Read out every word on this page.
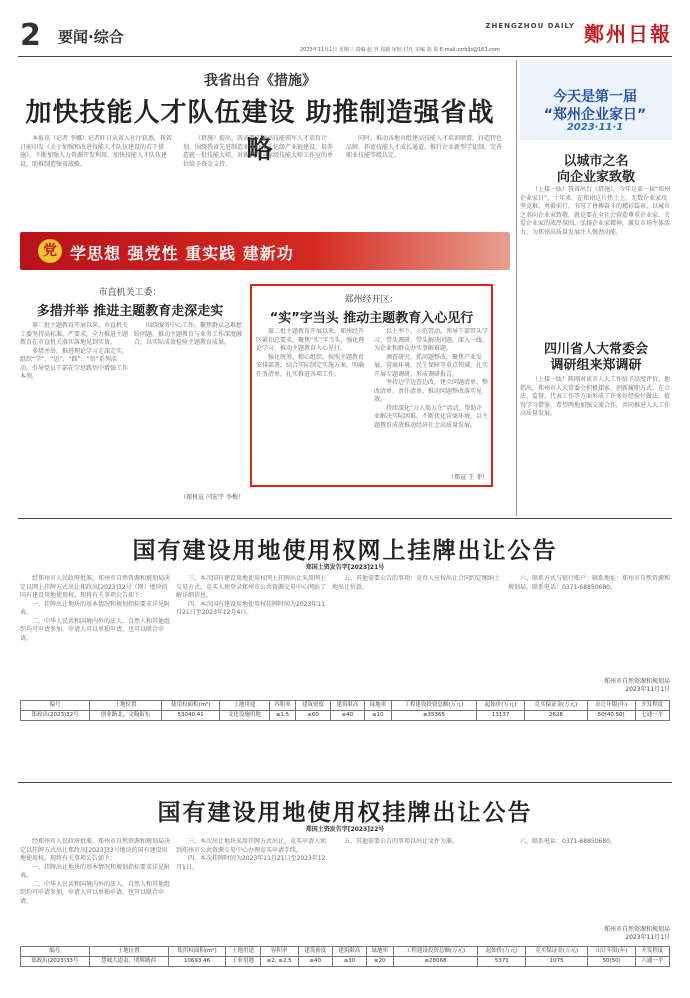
2 要闻·综合
ZHENGZHOU DAILY 鄭州日報
2023年11月1日 星期三 责编 赵 容 周毅 审校 付凡 美编 胡 盈 E-mail:zzrbljs@163.com
我省出台《措施》
加快技能人才队伍建设 助推制造强省战略

本报讯（记者 李娜）记者昨日从省人社厅获悉，我省日前印发《关于加强和改进技能人才队伍建设的若干措施》，不断加强人力资源开发利用，加快技能人才队伍建设，助推制造强省战略。

《措施》提出，我省要实施高技能领军人才培育计划，围绕我省先进制造业集群和千亿级产业链建设，培养造就一批技能大师，对新获评国家级技能大师工作室的单位给予资金支持。

同时，推动各地市组建高技能人才培训联盟，打造特色品牌，拓宽技能人才成长通道，推行企业新型学徒制，完善职业技能等级认定。

今天是第一届
“郑州企业家日”
2023·11·1
以城市之名
向企业家致敬

（上接一版）我省出台《措施》，今年是第一届“郑州企业家日”。十年来，在郑州这片热土上，无数企业家攻坚克难、勇毅前行，书写了拼搏奋斗的精彩篇章。以城市之名向企业家致敬，就是要在全社会营造尊重企业家、关爱企业家的浓厚氛围，弘扬企业家精神，激发市场主体活力，为郑州高质量发展注入强劲动能。

四川省人大常委会
调研组来郑调研

（上接一版）陈刚对该市人大工作给予高度评价，他指出，郑州市人大常委会积极探索，创新履职方式，在立法、监督、代表工作等方面形成了许多好经验好做法，值得学习借鉴。希望两地加强交流合作，共同推进人大工作高质量发展。

党 学思想 强党性 重实践 建新功
市直机关工委：
多措并举 推进主题教育走深走实

第二批主题教育开展以来，市直机关工委坚持高标准、严要求，全力推进主题教育在市直机关落实落地见到实效。

多措并举，推进理论学习走深走实，组织“学”、“思”、“践”、“悟”系列活动，引导党员干部在学思践悟中增强工作本领。

围绕服务中心工作，聚焦群众急难愁盼问题，推动主题教育与业务工作深度融合，以实际成效检验主题教育成果。

（郑机宣 闫宏宇 李梅）
郑州经开区：
“实”字当头 推动主题教育入心见行

第二批主题教育开展以来，郑州经开区紧扣总要求，聚焦“实”字当头，强化理论学习，推动主题教育入心见行。

强化统筹，精心组织。按照主题教育安排部署，结合实际制定实施方案，明确任务清单，扎实推进各项工作。

以上率下，示范带动。领导干部带头学习、带头调研、带头解决问题，深入一线，为企业和群众办实事解难题。

调查研究、抓问题整改，聚焦产业发展、营商环境、民生保障等重点领域，扎实开展专题调研，形成调研报告。

坚持边学边查边改，建立问题清单、整改清单、责任清单，推动问题整改落实见效。

持续深化“万人助万企”活动，帮助企业解决实际困难，不断优化营商环境，以主题教育成效推动经济社会高质量发展。

（郑宣 王 菲）
国有建设用地使用权网上挂牌出让公告
郑国土资发告字[2023]21号

经郑州市人民政府批准，郑州市自然资源和规划局决定以网上挂牌方式出让郑政出[2023]32号（网）地块的国有建设用地使用权。现将有关事项公告如下：

一、挂牌出让地块的基本情况和规划指标要求详见附表。

二、中华人民共和国境内外的法人、自然人和其他组织均可申请参加，申请人可以单独申请，也可以联合申请。

三、本次国有建设用地使用权网上挂牌出让采用网上交易方式，竞买人须登录郑州市公共资源交易中心网站了解详细信息。

四、本次国有建设用地使用权挂牌时间为2023年11月21日至2023年12月4日。

五、其他需要公告的事项：竞得人应按出让合同约定缴纳土地出让价款。

六、联系方式与银行账户：联系地址：郑州市自然资源和规划局。联系电话：0371-68850680。

郑州市自然资源和规划局
2023年11月1日
编号	土地位置	使用权面积(m²)	土地用途	容积率	建筑密度	建筑限高	绿地率	工程建设投资总额(万元)	起始价(万元)	竞买保证金(万元)	出让年限(年)	开发程度
郑政出(2023)32号	创业路北、文翰街东	53040.41	文化设施用地	≤1.5	≤60	≤40	≥10	≥35365	13137	2628	50(40.50)	七通一平
国有建设用地使用权挂牌出让公告
郑国土资发告字[2023]22号

经郑州市人民政府批准，郑州市自然资源和规划局决定以挂牌方式出让郑政出[2023]33号地块的国有建设用地使用权。现将有关事项公告如下：

一、挂牌出让地块的基本情况和规划指标要求详见附表。

二、中华人民共和国境内外的法人、自然人和其他组织均可申请参加，申请人可以单独申请，也可以联合申请。

三、本次出让地块采用挂牌方式出让，竞买申请人须到郑州市公共资源交易中心办理竞买申请手续。

四、本次挂牌时间为2023年11月21日至2023年12月1日。

五、其他需要公告的事项以出让文件为准。	六、联系电话：0371-68850680。

郑州市自然资源和规划局
2023年11月1日
编号	土地位置	使用权面积(m²)	土地用途	容积率	建筑密度	建筑限高	绿地率	工程建设投资总额(万元)	起始价(万元)	竞买保证金(万元)	出让年限(年)	开发程度
郑政出(2023)33号	慧城大道南、明辉路西	10693.46	工业用地	≥2, ≤2.5	≥40	≤30	≤20	≥28068	5371	1075	50(50)	六通一平
